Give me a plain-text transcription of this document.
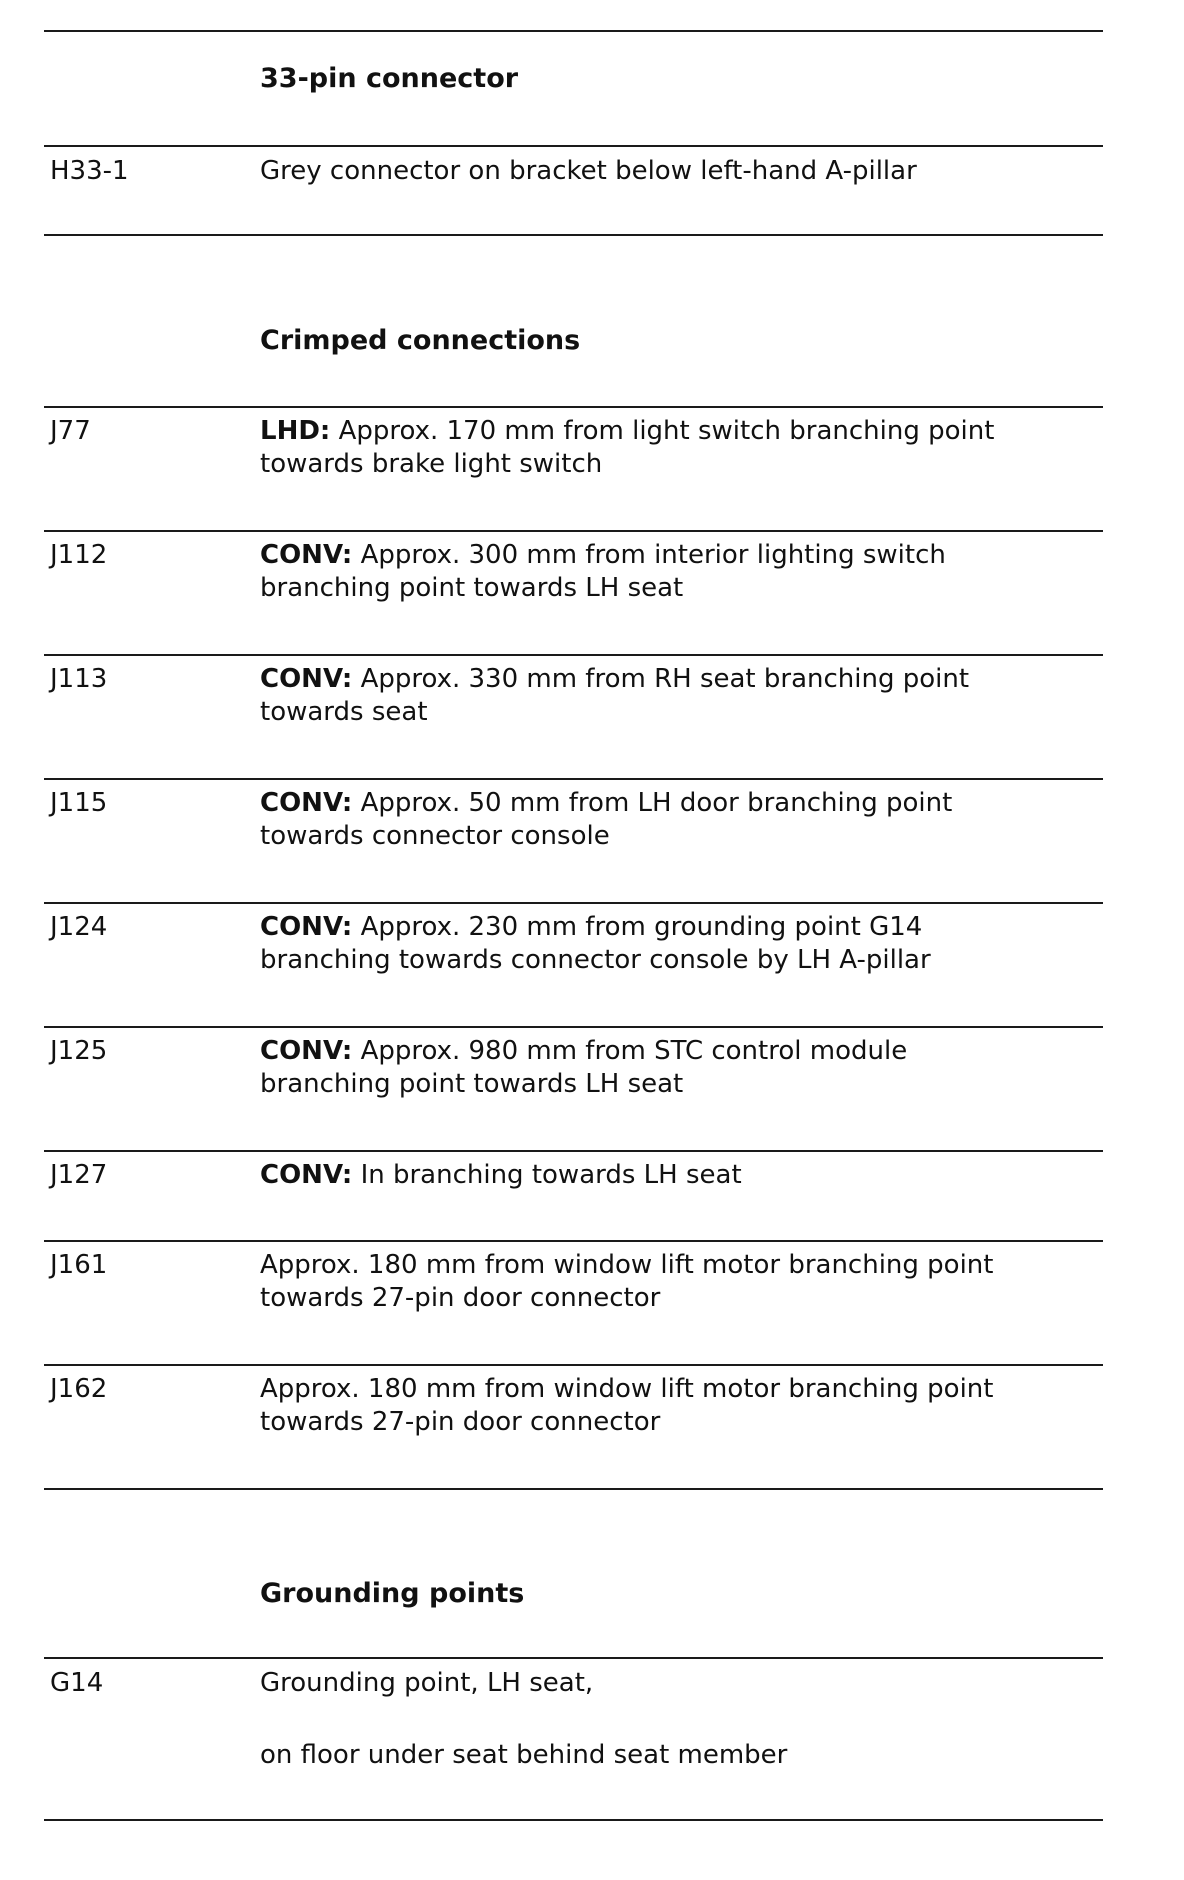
33-pin connector
H33-1	Grey connector on bracket below left-hand A-pillar
Crimped connections
J77	LHD: Approx. 170 mm from light switch branching point
towards brake light switch
J112	CONV: Approx. 300 mm from interior lighting switch
branching point towards LH seat
J113	CONV: Approx. 330 mm from RH seat branching point
towards seat
J115	CONV: Approx. 50 mm from LH door branching point
towards connector console
J124	CONV: Approx. 230 mm from grounding point G14
branching towards connector console by LH A-pillar
J125	CONV: Approx. 980 mm from STC control module
branching point towards LH seat
J127	CONV: In branching towards LH seat
J161	Approx. 180 mm from window lift motor branching point
towards 27-pin door connector
J162	Approx. 180 mm from window lift motor branching point
towards 27-pin door connector
Grounding points
G14	Grounding point, LH seat,
on floor under seat behind seat member
